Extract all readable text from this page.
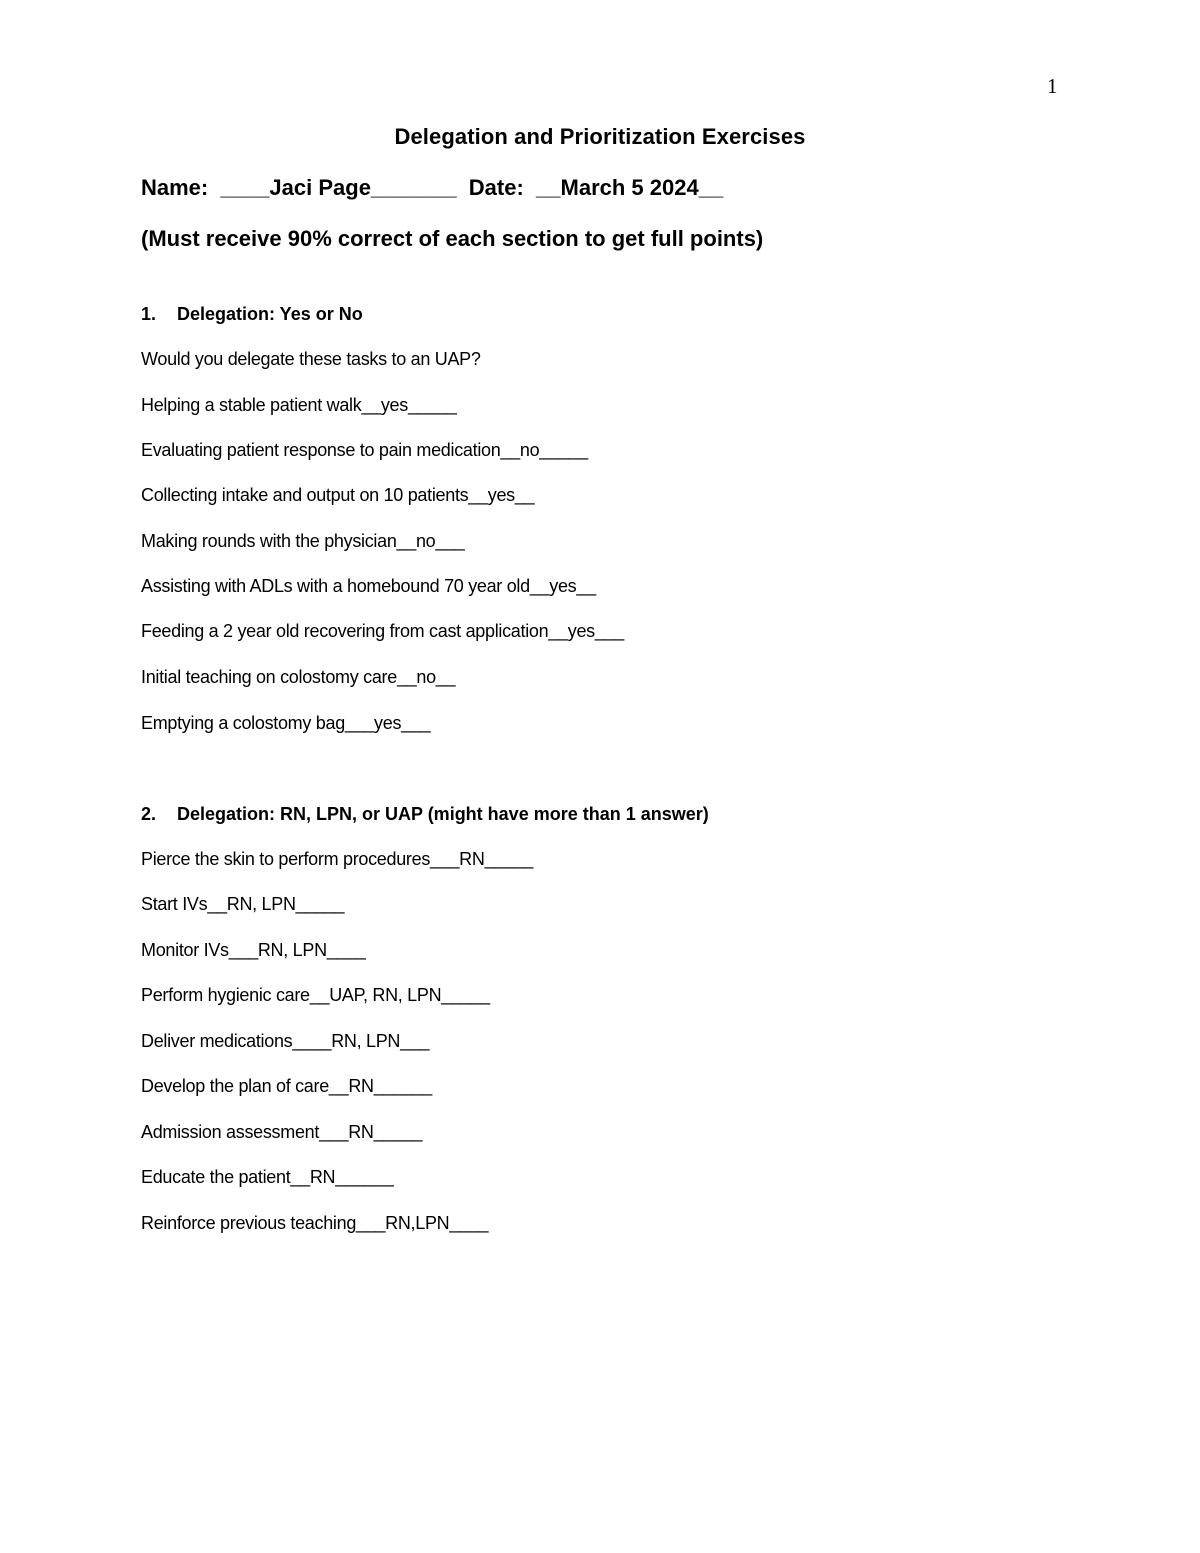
1
Delegation and Prioritization Exercises
Name:  ____Jaci Page_______  Date:  __March 5 2024__
(Must receive 90% correct of each section to get full points)
1. Delegation: Yes or No
Would you delegate these tasks to an UAP?
Helping a stable patient walk__yes_____
Evaluating patient response to pain medication__no_____
Collecting intake and output on 10 patients__yes__
Making rounds with the physician__no___
Assisting with ADLs with a homebound 70 year old__yes__
Feeding a 2 year old recovering from cast application__yes___
Initial teaching on colostomy care__no__
Emptying a colostomy bag___yes___
2. Delegation: RN, LPN, or UAP (might have more than 1 answer)
Pierce the skin to perform procedures___RN_____
Start IVs__RN, LPN_____
Monitor IVs___RN, LPN____
Perform hygienic care__UAP, RN, LPN_____
Deliver medications____RN, LPN___
Develop the plan of care__RN______
Admission assessment___RN_____
Educate the patient__RN______
Reinforce previous teaching___RN,LPN____
